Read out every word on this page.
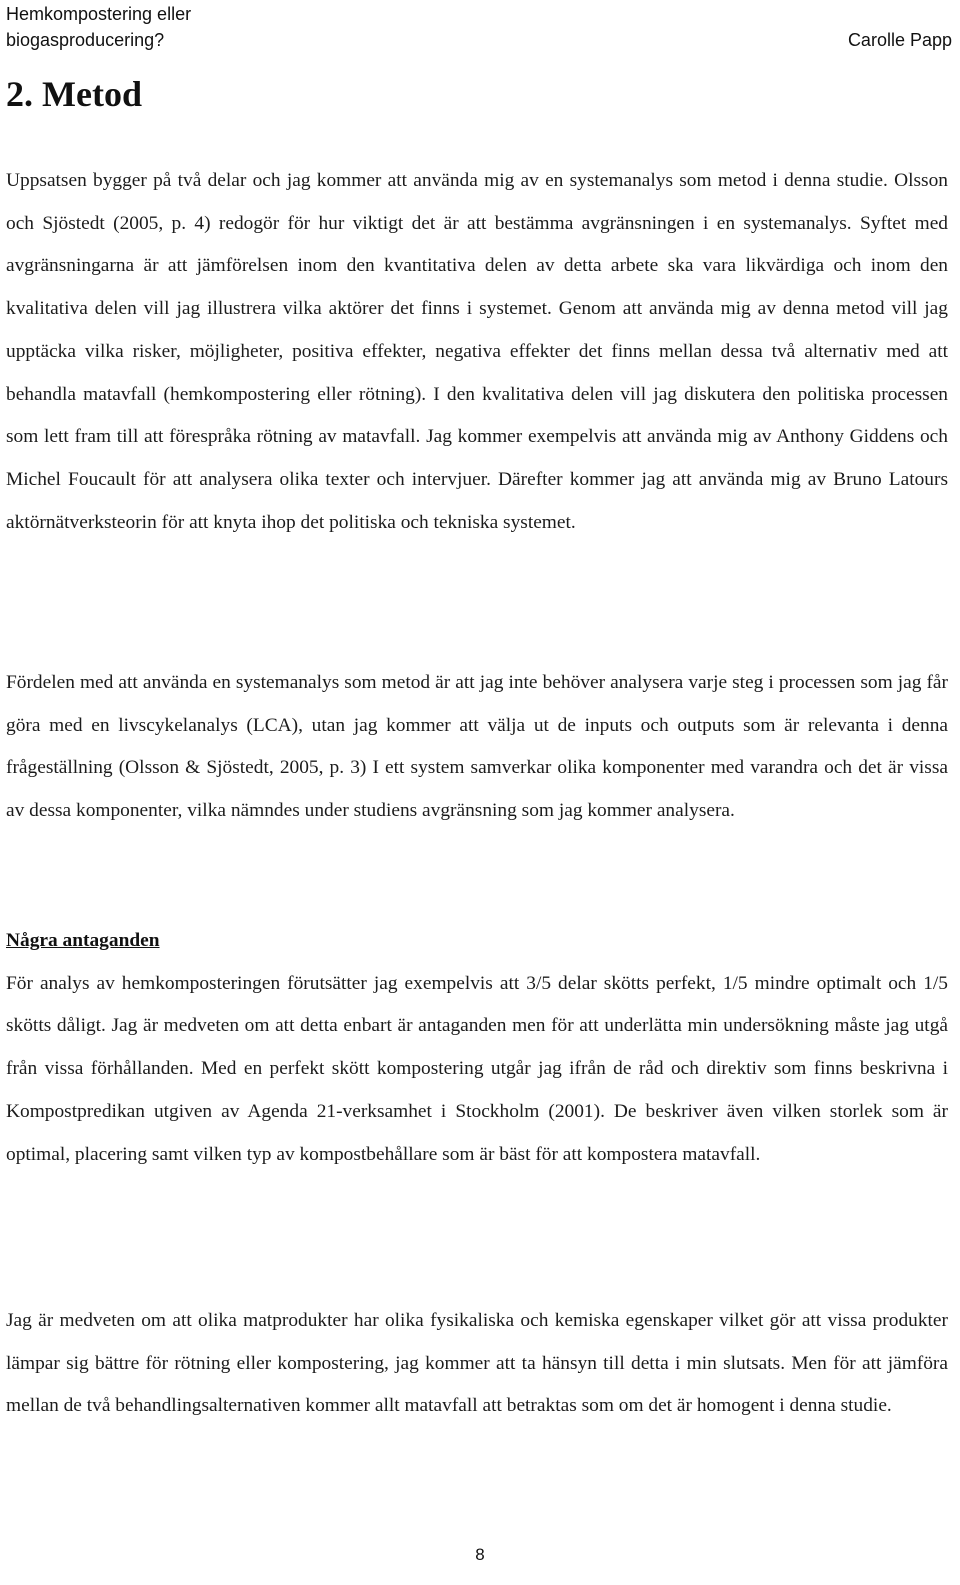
Hemkompostering eller biogasproducering?	Carolle Papp
2. Metod

Uppsatsen bygger på två delar och jag kommer att använda mig av en systemanalys som metod i denna studie. Olsson och Sjöstedt (2005, p. 4) redogör för hur viktigt det är att bestämma avgränsningen i en systemanalys. Syftet med avgränsningarna är att jämförelsen inom den kvantitativa delen av detta arbete ska vara likvärdiga och inom den kvalitativa delen vill jag illustrera vilka aktörer det finns i systemet. Genom att använda mig av denna metod vill jag upptäcka vilka risker, möjligheter, positiva effekter, negativa effekter det finns mellan dessa två alternativ med att behandla matavfall (hemkompostering eller rötning). I den kvalitativa delen vill jag diskutera den politiska processen som lett fram till att förespråka rötning av matavfall. Jag kommer exempelvis att använda mig av Anthony Giddens och Michel Foucault för att analysera olika texter och intervjuer. Därefter kommer jag att använda mig av Bruno Latours aktörnätverksteorin för att knyta ihop det politiska och tekniska systemet.

Fördelen med att använda en systemanalys som metod är att jag inte behöver analysera varje steg i processen som jag får göra med en livscykelanalys (LCA), utan jag kommer att välja ut de inputs och outputs som är relevanta i denna frågeställning (Olsson & Sjöstedt, 2005, p. 3) I ett system samverkar olika komponenter med varandra och det är vissa av dessa komponenter, vilka nämndes under studiens avgränsning som jag kommer analysera.

Några antaganden

För analys av hemkomposteringen förutsätter jag exempelvis att 3/5 delar skötts perfekt, 1/5 mindre optimalt och 1/5 skötts dåligt. Jag är medveten om att detta enbart är antaganden men för att underlätta min undersökning måste jag utgå från vissa förhållanden. Med en perfekt skött kompostering utgår jag ifrån de råd och direktiv som finns beskrivna i Kompostpredikan utgiven av Agenda 21-verksamhet i Stockholm (2001). De beskriver även vilken storlek som är optimal, placering samt vilken typ av kompostbehållare som är bäst för att kompostera matavfall.

Jag är medveten om att olika matprodukter har olika fysikaliska och kemiska egenskaper vilket gör att vissa produkter lämpar sig bättre för rötning eller kompostering, jag kommer att ta hänsyn till detta i min slutsats. Men för att jämföra mellan de två behandlingsalternativen kommer allt matavfall att betraktas som om det är homogent i denna studie.

8
